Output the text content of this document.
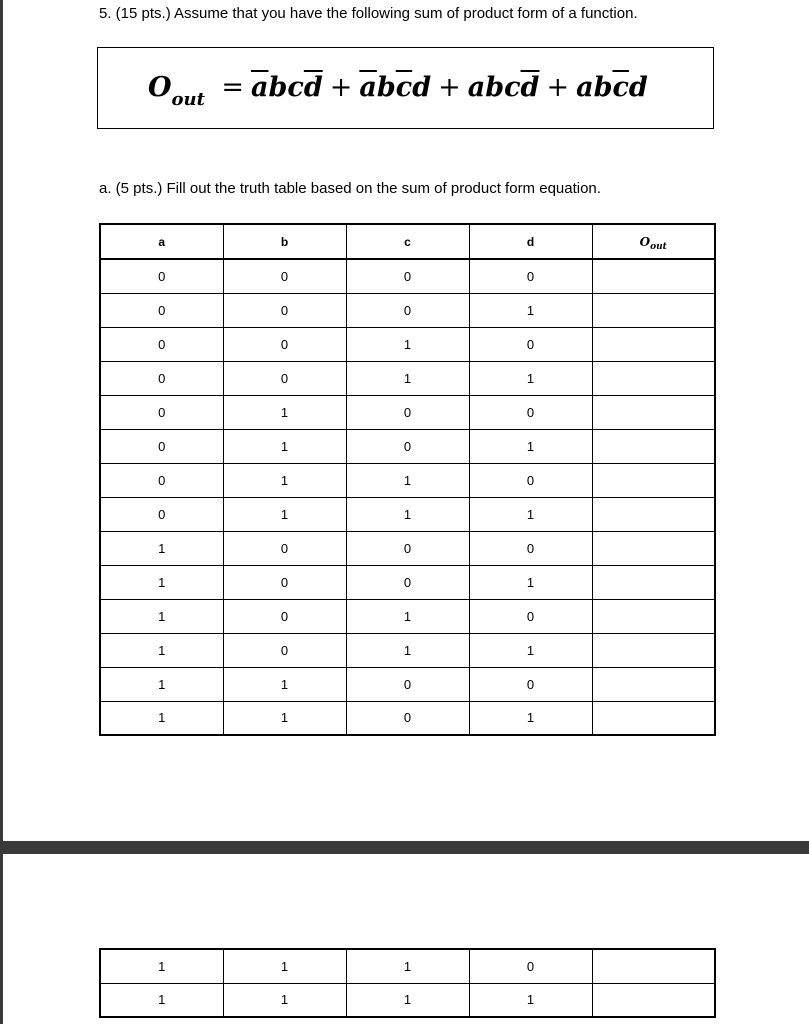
5. (15 pts.) Assume that you have the following sum of product form of a function.
$O_{out} = \overline{a}bc\overline{d} + \overline{a}b\overline{c}d + abc\overline{d} + ab\overline{c}d$
a. (5 pts.) Fill out the truth table based on the sum of product form equation.
a	b	c	d	$O_{out}$
0	0	0	0	
0	0	0	1	
0	0	1	0	
0	0	1	1	
0	1	0	0	
0	1	0	1	
0	1	1	0	
0	1	1	1	
1	0	0	0	
1	0	0	1	
1	0	1	0	
1	0	1	1	
1	1	0	0	
1	1	0	1	
1	1	1	0	
1	1	1	1	
